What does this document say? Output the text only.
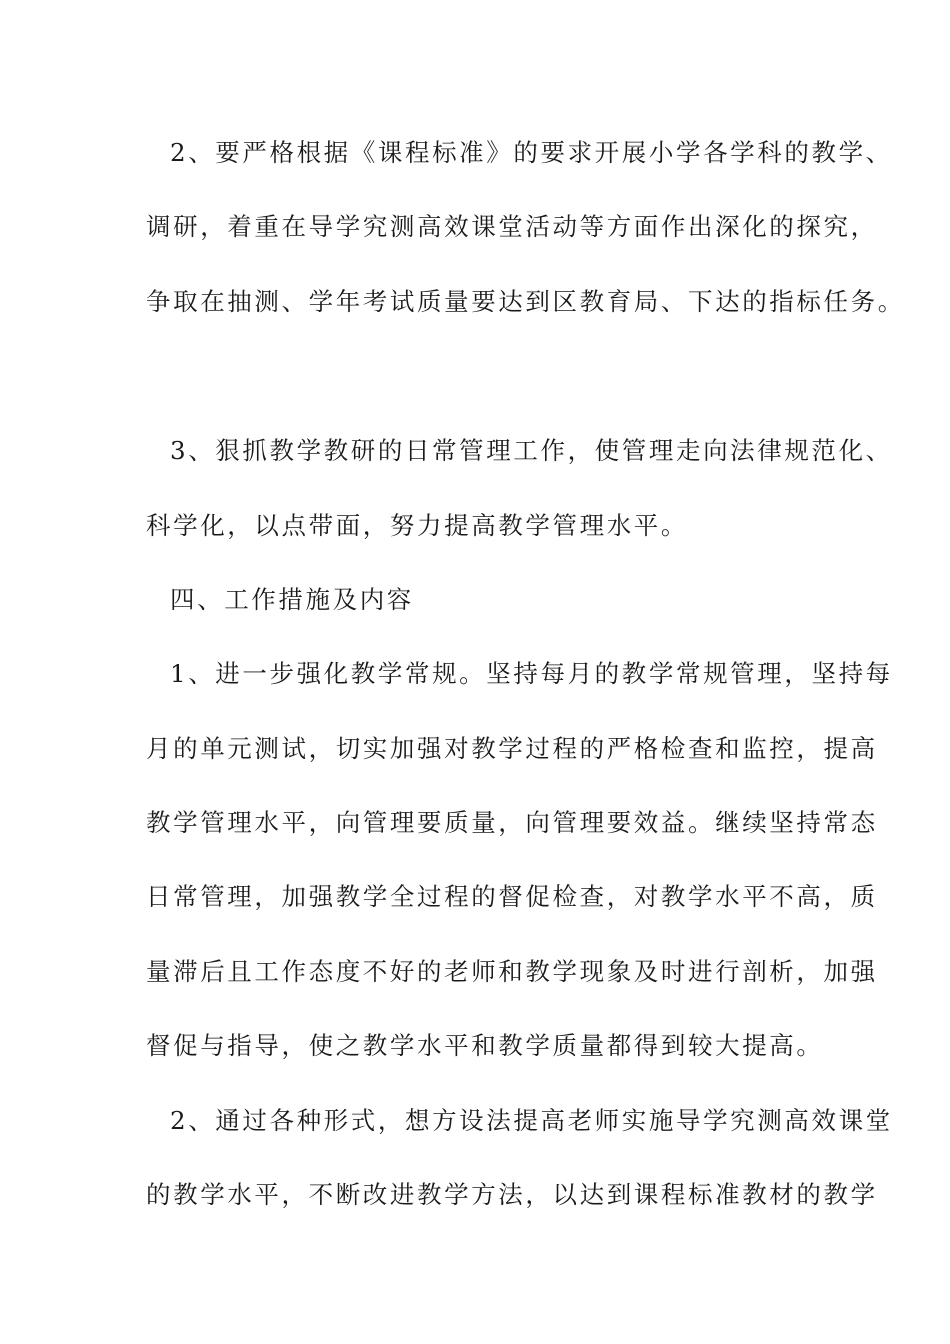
2、要严格根据《课程标准》的要求开展小学各学科的教学、
调研，着重在导学究测高效课堂活动等方面作出深化的探究，
争取在抽测、学年考试质量要达到区教育局、下达的指标任务。
3、狠抓教学教研的日常管理工作，使管理走向法律规范化、
科学化，以点带面，努力提高教学管理水平。
四、工作措施及内容
1、进一步强化教学常规。坚持每月的教学常规管理，坚持每
月的单元测试，切实加强对教学过程的严格检查和监控，提高
教学管理水平，向管理要质量，向管理要效益。继续坚持常态
日常管理，加强教学全过程的督促检查，对教学水平不高，质
量滞后且工作态度不好的老师和教学现象及时进行剖析，加强
督促与指导，使之教学水平和教学质量都得到较大提高。
2、通过各种形式，想方设法提高老师实施导学究测高效课堂
的教学水平，不断改进教学方法，以达到课程标准教材的教学
